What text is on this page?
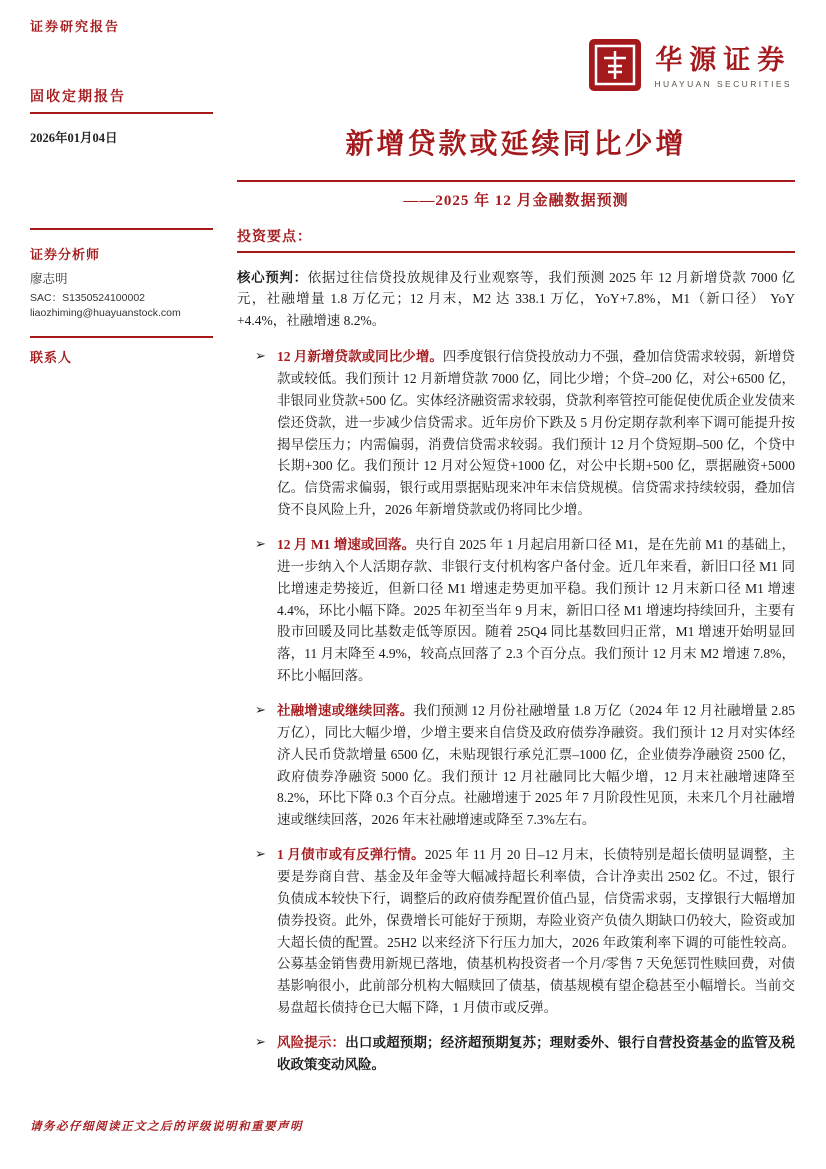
证券研究报告
华源证券
HUAYUAN SECURITIES
固收定期报告
2026年01月04日
证券分析师
廖志明
SAC：S1350524100002
liaozhiming@huayuanstock.com
联系人
新增贷款或延续同比少增
——2025 年 12 月金融数据预测
投资要点：

核心预判：依据过往信贷投放规律及行业观察等，我们预测 2025 年 12 月新增贷款 7000 亿元，社融增量 1.8 万亿元；12 月末，M2 达 338.1 万亿，YoY+7.8%，M1（新口径） YoY +4.4%，社融增速 8.2%。

➢ 12 月新增贷款或同比少增。四季度银行信贷投放动力不强，叠加信贷需求较弱，新增贷款或较低。我们预计 12 月新增贷款 7000 亿，同比少增；个贷–200 亿，对公+6500 亿，非银同业贷款+500 亿。实体经济融资需求较弱，贷款利率管控可能促使优质企业发债来偿还贷款，进一步减少信贷需求。近年房价下跌及 5 月份定期存款利率下调可能提升按揭早偿压力；内需偏弱，消费信贷需求较弱。我们预计 12 月个贷短期–500 亿，个贷中长期+300 亿。我们预计 12 月对公短贷+1000 亿，对公中长期+500 亿，票据融资+5000 亿。信贷需求偏弱，银行或用票据贴现来冲年末信贷规模。信贷需求持续较弱，叠加信贷不良风险上升，2026 年新增贷款或仍将同比少增。
➢ 12 月 M1 增速或回落。央行自 2025 年 1 月起启用新口径 M1，是在先前 M1 的基础上，进一步纳入个人活期存款、非银行支付机构客户备付金。近几年来看，新旧口径 M1 同比增速走势接近，但新口径 M1 增速走势更加平稳。我们预计 12 月末新口径 M1 增速 4.4%，环比小幅下降。2025 年初至当年 9 月末，新旧口径 M1 增速均持续回升，主要有股市回暖及同比基数走低等原因。随着 25Q4 同比基数回归正常，M1 增速开始明显回落，11 月末降至 4.9%，较高点回落了 2.3 个百分点。我们预计 12 月末 M2 增速 7.8%，环比小幅回落。
➢ 社融增速或继续回落。我们预测 12 月份社融增量 1.8 万亿（2024 年 12 月社融增量 2.85 万亿），同比大幅少增，少增主要来自信贷及政府债券净融资。我们预计 12 月对实体经济人民币贷款增量 6500 亿，未贴现银行承兑汇票–1000 亿，企业债券净融资 2500 亿，政府债券净融资 5000 亿。我们预计 12 月社融同比大幅少增，12 月末社融增速降至 8.2%，环比下降 0.3 个百分点。社融增速于 2025 年 7 月阶段性见顶，未来几个月社融增速或继续回落，2026 年末社融增速或降至 7.3%左右。
➢ 1 月债市或有反弹行情。2025 年 11 月 20 日–12 月末，长债特别是超长债明显调整，主要是券商自营、基金及年金等大幅减持超长利率债，合计净卖出 2502 亿。不过，银行负债成本较快下行，调整后的政府债券配置价值凸显，信贷需求弱，支撑银行大幅增加债券投资。此外，保费增长可能好于预期，寿险业资产负债久期缺口仍较大，险资或加大超长债的配置。25H2 以来经济下行压力加大，2026 年政策利率下调的可能性较高。公募基金销售费用新规已落地，债基机构投资者一个月/零售 7 天免惩罚性赎回费，对债基影响很小，此前部分机构大幅赎回了债基，债基规模有望企稳甚至小幅增长。当前交易盘超长债持仓已大幅下降，1 月债市或反弹。
➢ 风险提示：出口或超预期；经济超预期复苏；理财委外、银行自营投资基金的监管及税收政策变动风险。
请务必仔细阅读正文之后的评级说明和重要声明
